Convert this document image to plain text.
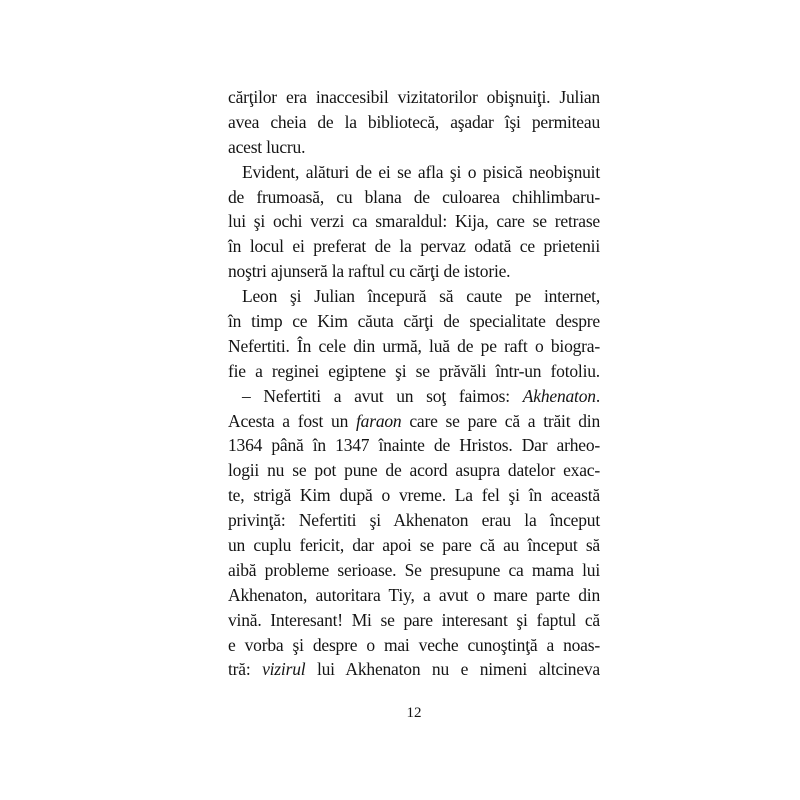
cărţilor era inaccesibil vizitatorilor obişnuiţi. Julian
avea cheia de la bibliotecă, aşadar îşi permiteau
acest lucru.
Evident, alături de ei se afla şi o pisică neobişnuit
de frumoasă, cu blana de culoarea chihlimbaru-
lui şi ochi verzi ca smaraldul: Kija, care se retrase
în locul ei preferat de la pervaz odată ce prietenii
noştri ajunseră la raftul cu cărţi de istorie.
Leon şi Julian începură să caute pe internet,
în timp ce Kim căuta cărţi de specialitate despre
Nefertiti. În cele din urmă, luă de pe raft o biogra-
fie a reginei egiptene şi se prăvăli într-un fotoliu.
– Nefertiti a avut un soţ faimos: Akhenaton.
Acesta a fost un faraon care se pare că a trăit din
1364 până în 1347 înainte de Hristos. Dar arheo-
logii nu se pot pune de acord asupra datelor exac-
te, strigă Kim după o vreme. La fel şi în această
privinţă: Nefertiti şi Akhenaton erau la început
un cuplu fericit, dar apoi se pare că au început să
aibă probleme serioase. Se presupune ca mama lui
Akhenaton, autoritara Tiy, a avut o mare parte din
vină. Interesant! Mi se pare interesant şi faptul că
e vorba şi despre o mai veche cunoştinţă a noas-
tră: vizirul lui Akhenaton nu e nimeni altcineva
12
